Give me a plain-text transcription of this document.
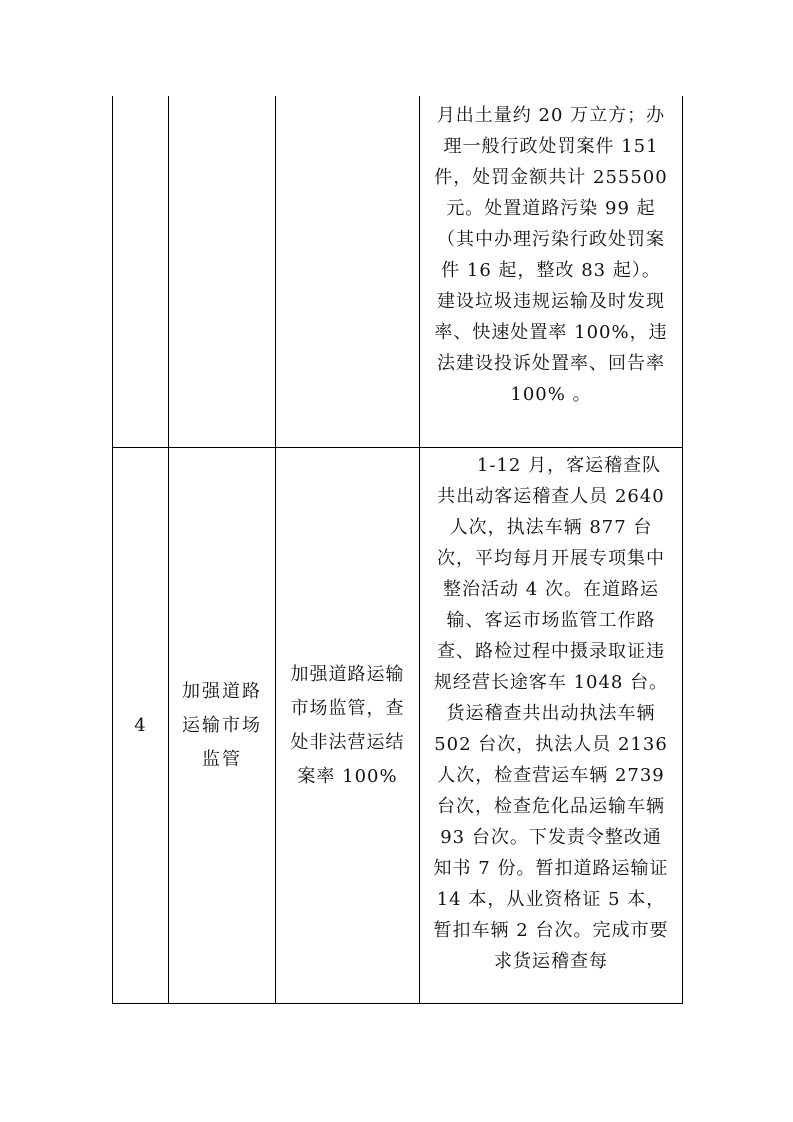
			月出土量约 20 万立方；办理一般行政处罚案件 151 件，处罚金额共计 255500 元。处置道路污染 99 起（其中办理污染行政处罚案件 16 起，整改 83 起）。建设垃圾违规运输及时发现率、快速处置率 100%，违法建设投诉处置率、回告率 100% 。

4	加强道路运输市场监管	加强道路运输市场监管，查处非法营运结案率 100%	1-12 月，客运稽查队共出动客运稽查人员 2640 人次，执法车辆 877 台次，平均每月开展专项集中整治活动 4 次。在道路运输、客运市场监管工作路查、路检过程中摄录取证违规经营长途客车 1048 台。货运稽查共出动执法车辆 502 台次，执法人员 2136 人次，检查营运车辆 2739 台次，检查危化品运输车辆 93 台次。下发责令整改通知书 7 份。暂扣道路运输证 14 本，从业资格证 5 本，暂扣车辆 2 台次。完成市要求货运稽查每
